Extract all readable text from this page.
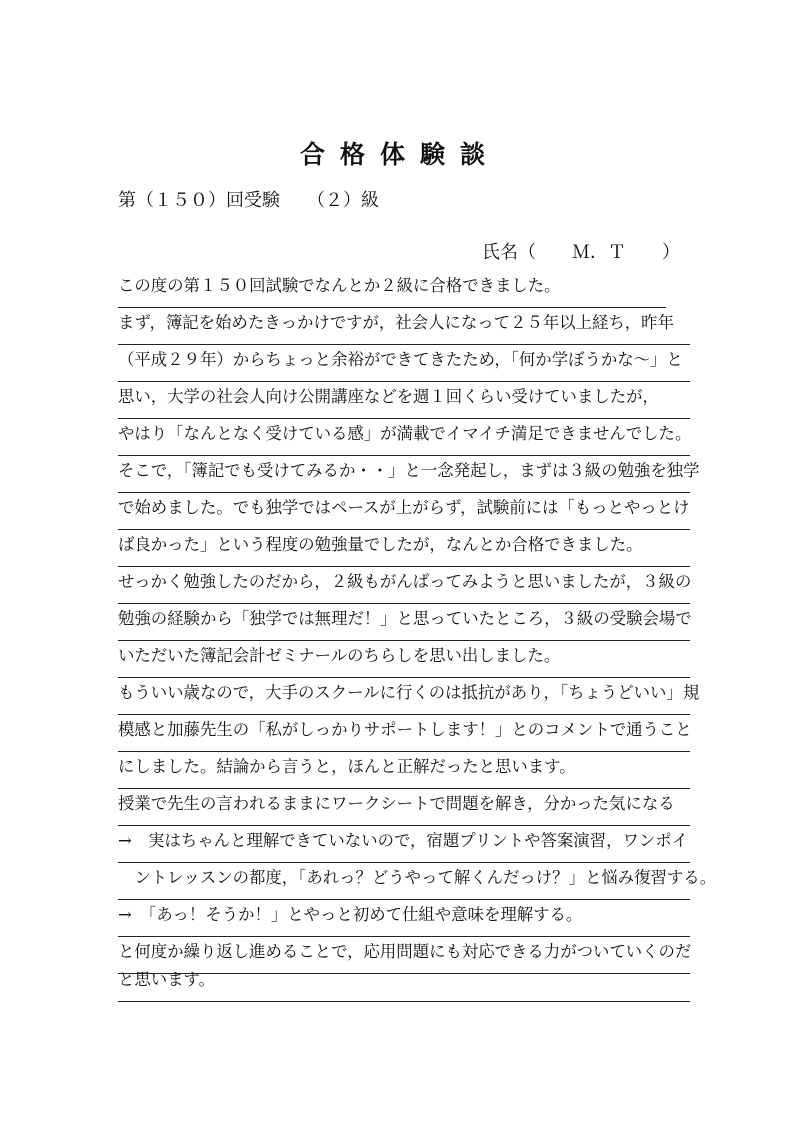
合格体験談
第（１５０）回受験　　（２）級
氏名（　　Ｍ．Ｔ　　）
この度の第１５０回試験でなんとか２級に合格できました。
まず，簿記を始めたきっかけですが，社会人になって２５年以上経ち，昨年
（平成２９年）からちょっと余裕ができてきたため，「何か学ぼうかな～」と
思い，大学の社会人向け公開講座などを週１回くらい受けていましたが，
やはり「なんとなく受けている感」が満載でイマイチ満足できませんでした。
そこで，「簿記でも受けてみるか・・」と一念発起し，まずは３級の勉強を独学
で始めました。でも独学ではペースが上がらず，試験前には「もっとやっとけ
ば良かった」という程度の勉強量でしたが，なんとか合格できました。
せっかく勉強したのだから，２級もがんばってみようと思いましたが，３級の
勉強の経験から「独学では無理だ！」と思っていたところ，３級の受験会場で
いただいた簿記会計ゼミナールのちらしを思い出しました。
もういい歳なので，大手のスクールに行くのは抵抗があり，「ちょうどいい」規
模感と加藤先生の「私がしっかりサポートします！」とのコメントで通うこと
にしました。結論から言うと，ほんと正解だったと思います。
授業で先生の言われるままにワークシートで問題を解き，分かった気になる
→　実はちゃんと理解できていないので，宿題プリントや答案演習，ワンポイ
　ントレッスンの都度，「あれっ？どうやって解くんだっけ？」と悩み復習する。
→　「あっ！そうか！」とやっと初めて仕組や意味を理解する。
と何度か繰り返し進めることで，応用問題にも対応できる力がついていくのだ
と思います。
